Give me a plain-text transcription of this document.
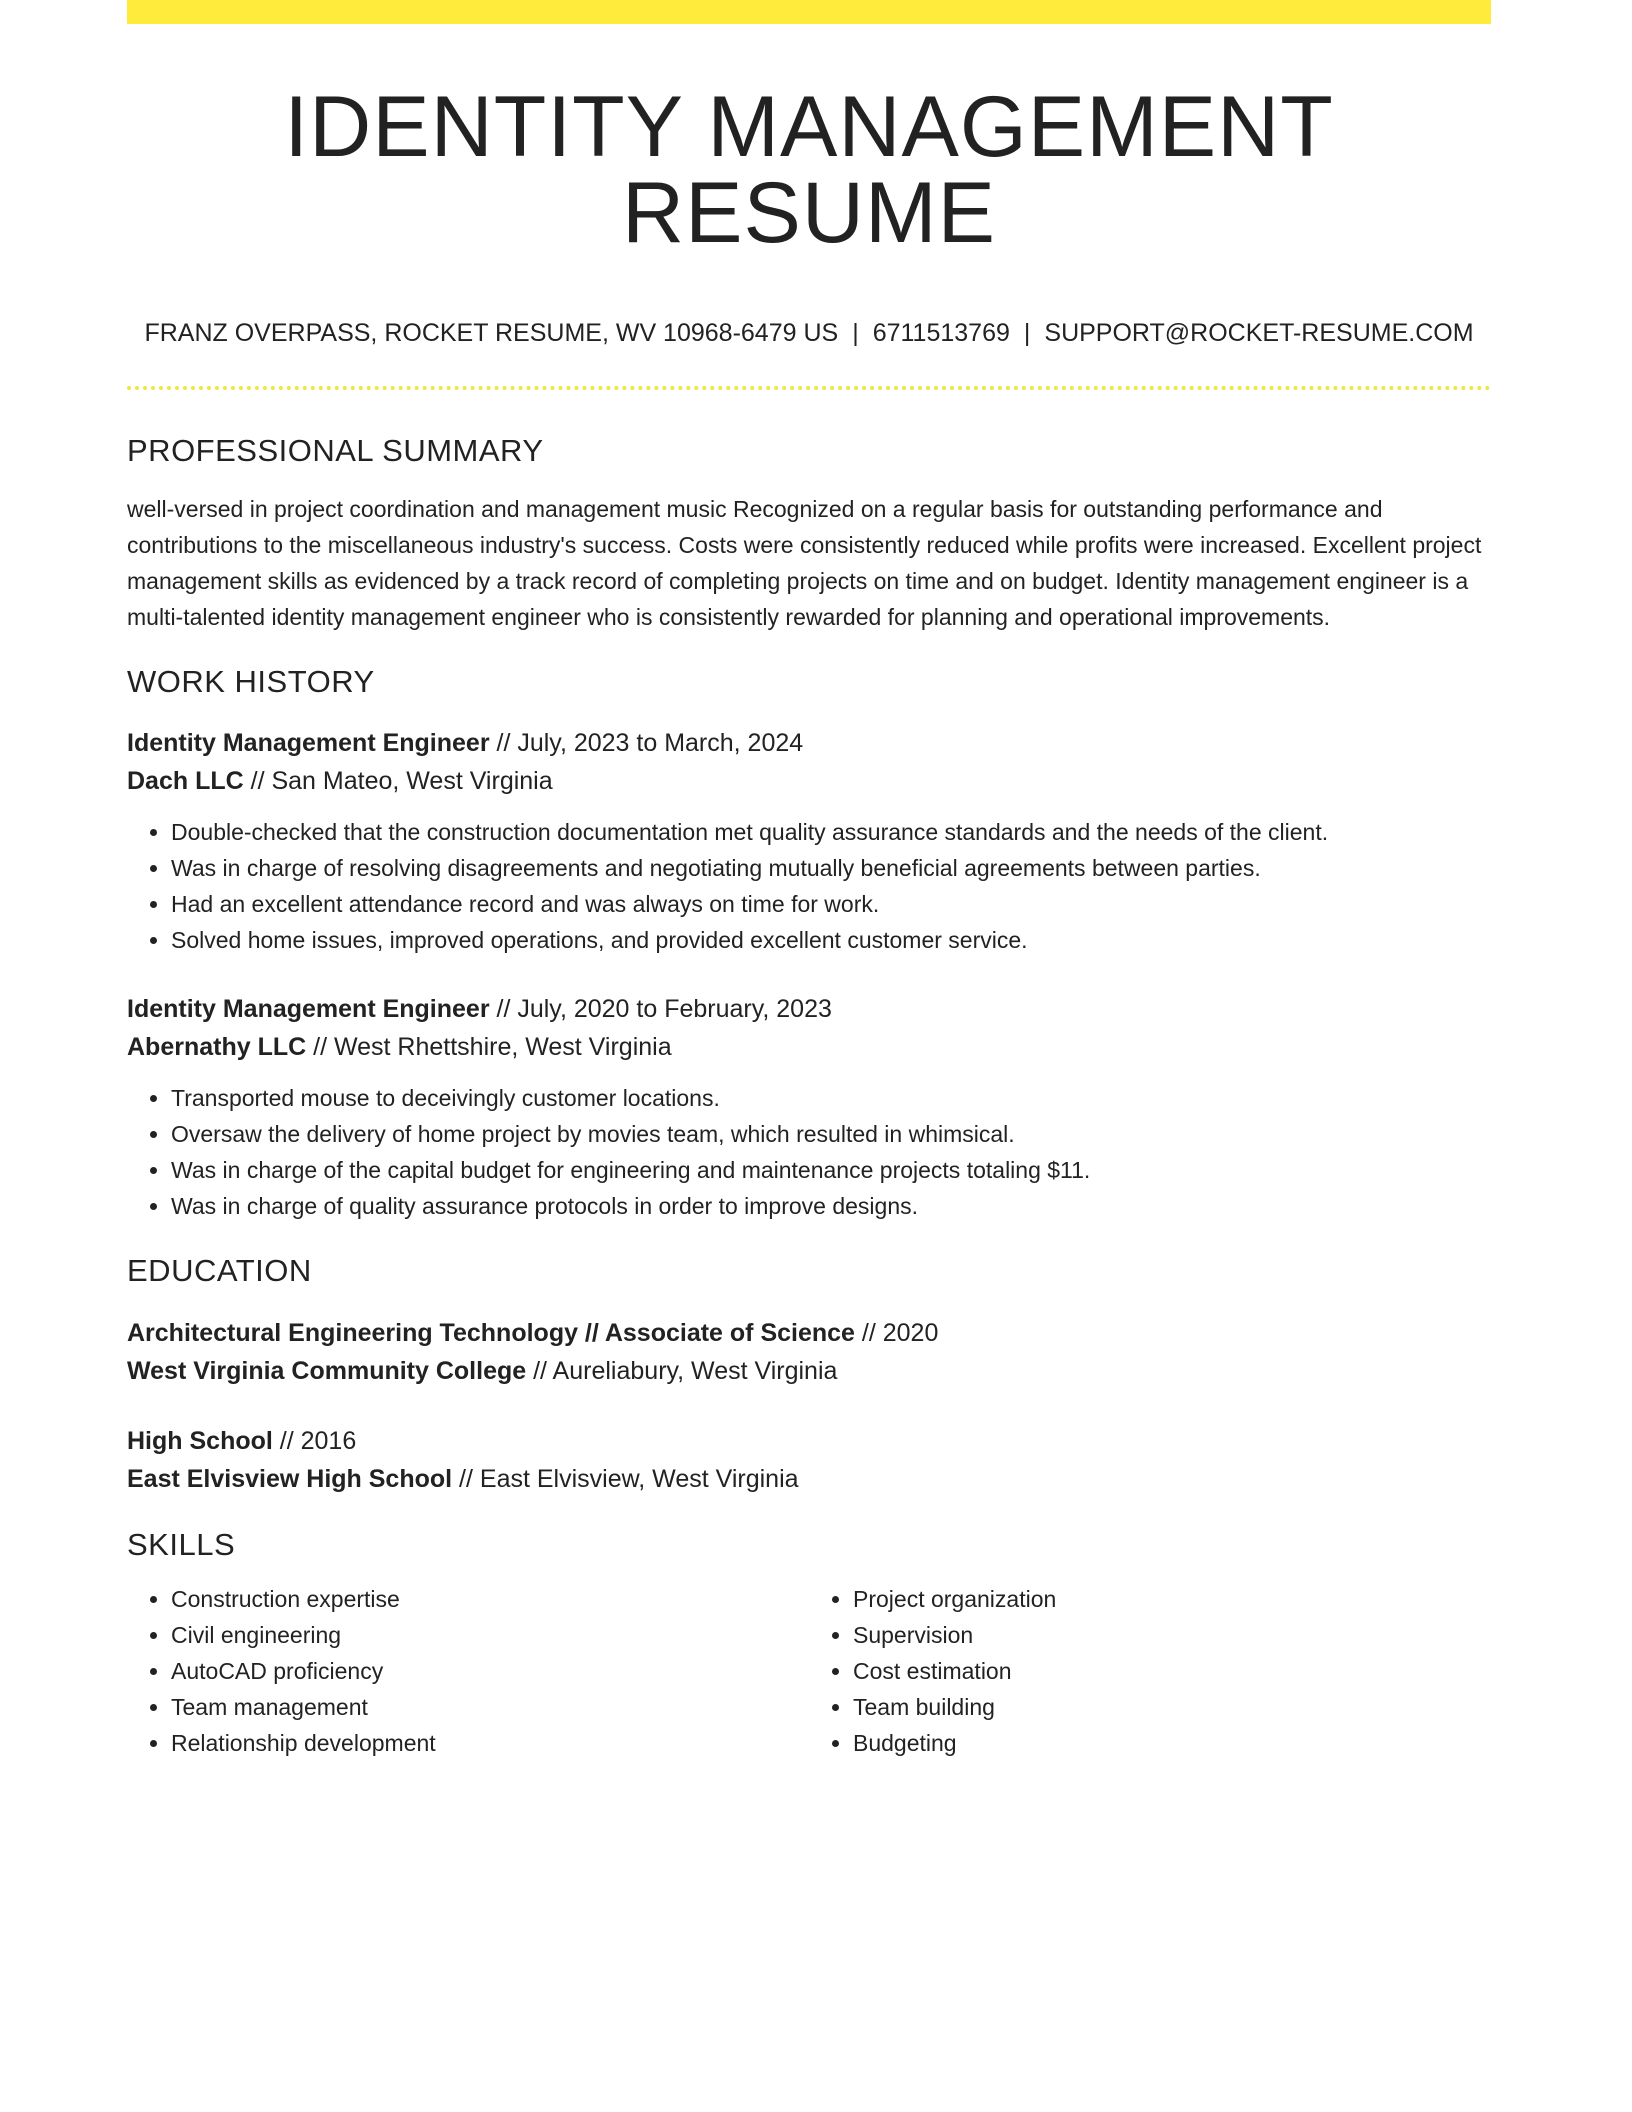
IDENTITY MANAGEMENT RESUME
FRANZ OVERPASS, ROCKET RESUME, WV 10968-6479 US | 6711513769 | SUPPORT@ROCKET-RESUME.COM
PROFESSIONAL SUMMARY
well-versed in project coordination and management music Recognized on a regular basis for outstanding performance and contributions to the miscellaneous industry's success. Costs were consistently reduced while profits were increased. Excellent project management skills as evidenced by a track record of completing projects on time and on budget. Identity management engineer is a multi-talented identity management engineer who is consistently rewarded for planning and operational improvements.
WORK HISTORY
Identity Management Engineer // July, 2023 to March, 2024
Dach LLC // San Mateo, West Virginia
• Double-checked that the construction documentation met quality assurance standards and the needs of the client.
• Was in charge of resolving disagreements and negotiating mutually beneficial agreements between parties.
• Had an excellent attendance record and was always on time for work.
• Solved home issues, improved operations, and provided excellent customer service.
Identity Management Engineer // July, 2020 to February, 2023
Abernathy LLC // West Rhettshire, West Virginia
• Transported mouse to deceivingly customer locations.
• Oversaw the delivery of home project by movies team, which resulted in whimsical.
• Was in charge of the capital budget for engineering and maintenance projects totaling $11.
• Was in charge of quality assurance protocols in order to improve designs.
EDUCATION
Architectural Engineering Technology // Associate of Science // 2020
West Virginia Community College // Aureliabury, West Virginia
High School // 2016
East Elvisview High School // East Elvisview, West Virginia
SKILLS
• Construction expertise
• Civil engineering
• AutoCAD proficiency
• Team management
• Relationship development
• Project organization
• Supervision
• Cost estimation
• Team building
• Budgeting
